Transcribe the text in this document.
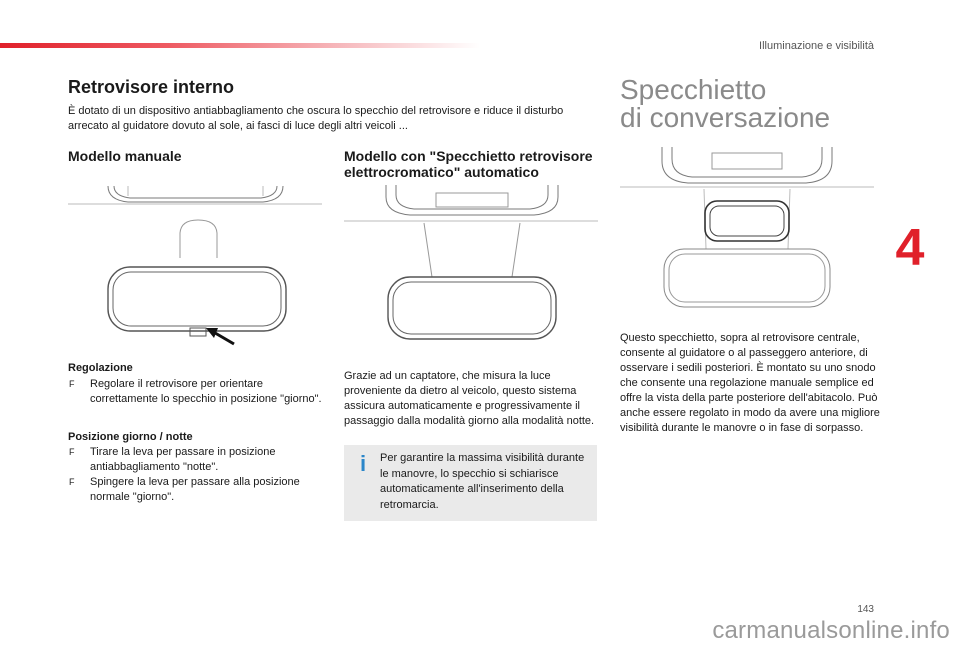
Illuminazione e visibilità
4
Retrovisore interno
È dotato di un dispositivo antiabbagliamento che oscura lo specchio del retrovisore e riduce il disturbo arrecato al guidatore dovuto al sole, ai fasci di luce degli altri veicoli ...
Specchietto
di conversazione
Modello manuale
Regolazione
F Regolare il retrovisore per orientare correttamente lo specchio in posizione "giorno".
Posizione giorno / notte
F Tirare la leva per passare in posizione antiabbagliamento "notte".
F Spingere la leva per passare alla posizione normale "giorno".
Modello con "Specchietto retrovisore elettrocromatico" automatico
Grazie ad un captatore, che misura la luce proveniente da dietro al veicolo, questo sistema assicura automaticamente e progressivamente il passaggio dalla modalità giorno alla modalità notte.
i	Per garantire la massima visibilità durante le manovre, lo specchio si schiarisce automaticamente all'inserimento della retromarcia.
Questo specchietto, sopra al retrovisore centrale, consente al guidatore o al passeggero anteriore, di osservare i sedili posteriori. È montato su uno snodo che consente una regolazione manuale semplice ed offre la vista della parte posteriore dell'abitacolo. Può anche essere regolato in modo da avere una migliore visibilità durante le manovre o in fase di sorpasso.
143
carmanualsonline.info
